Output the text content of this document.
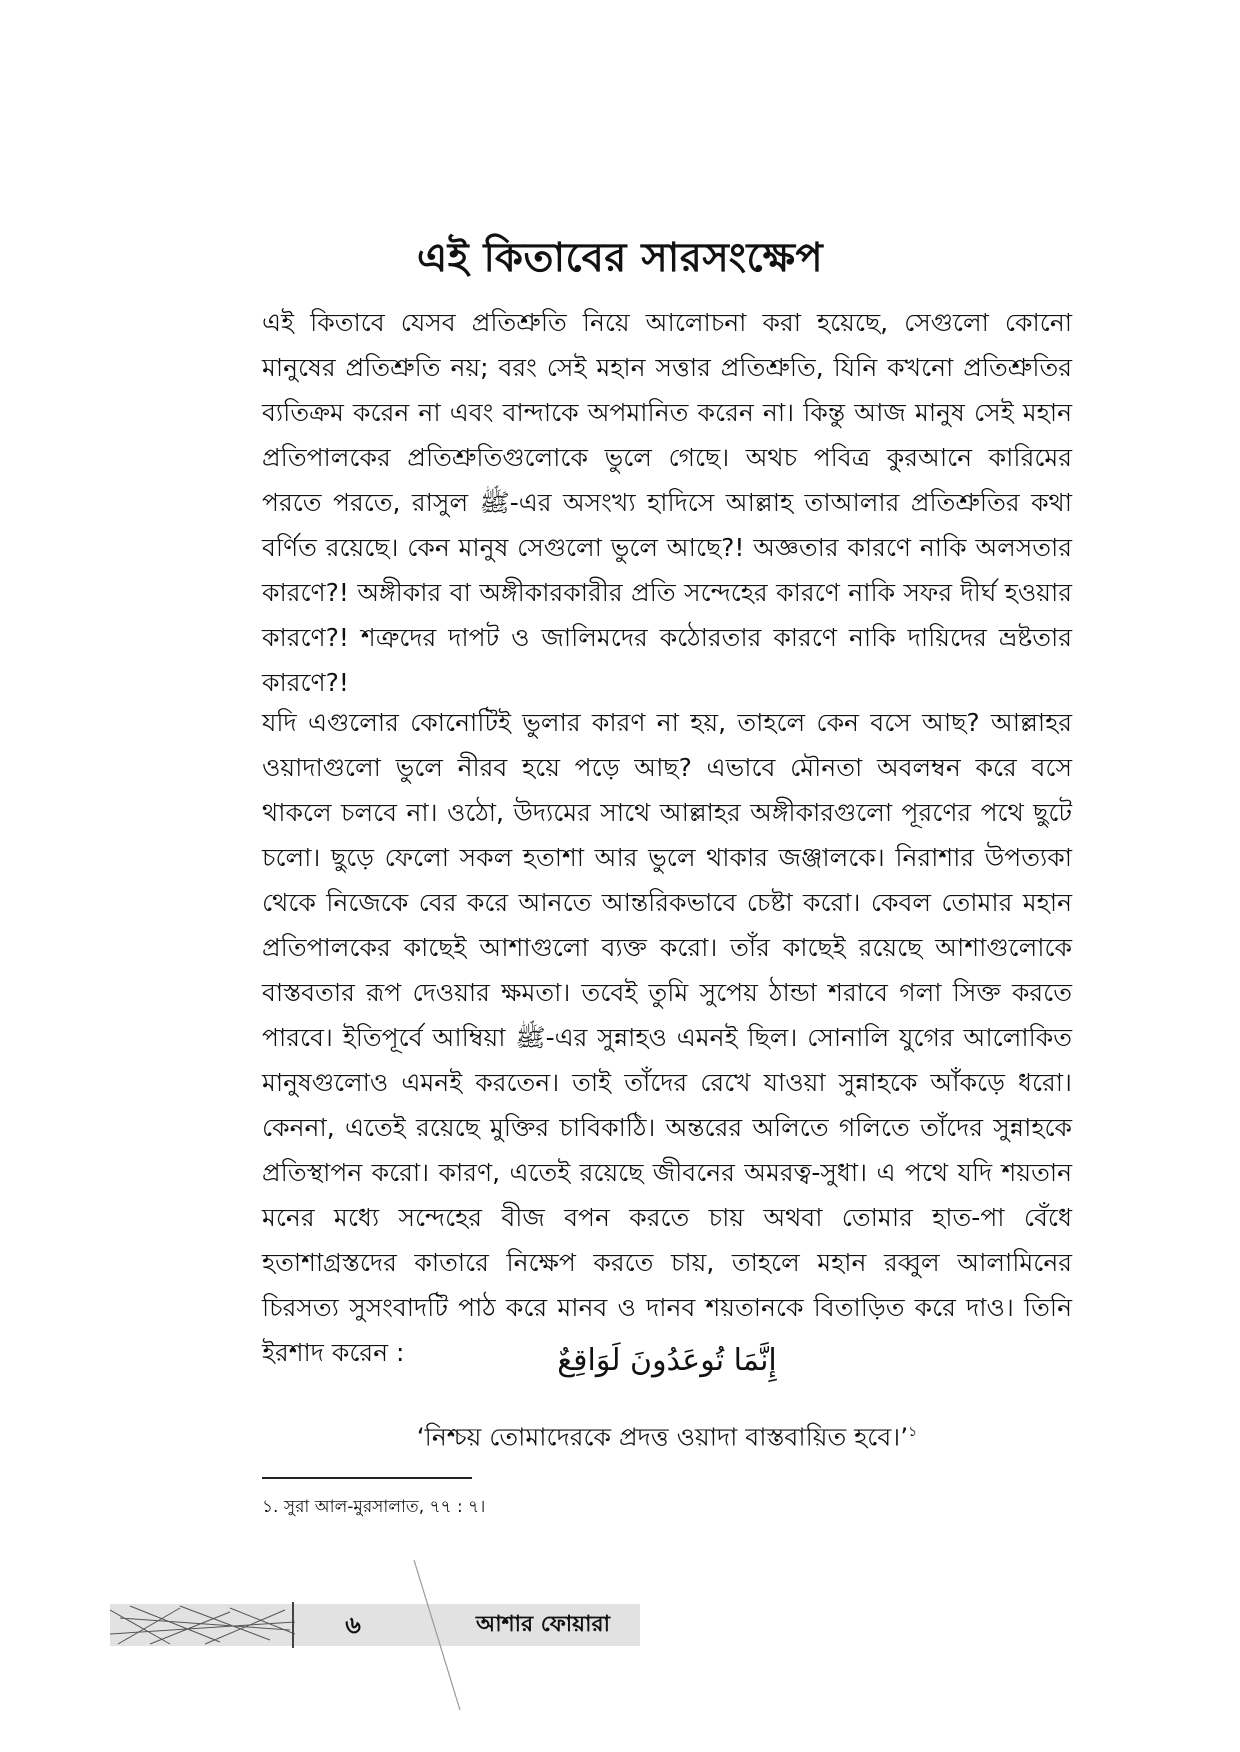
এই কিতাবের সারসংক্ষেপ

এই কিতাবে যেসব প্রতিশ্রুতি নিয়ে আলোচনা করা হয়েছে, সেগুলো কোনো মানুষের প্রতিশ্রুতি নয়; বরং সেই মহান সত্তার প্রতিশ্রুতি, যিনি কখনো প্রতিশ্রুতির ব্যতিক্রম করেন না এবং বান্দাকে অপমানিত করেন না। কিন্তু আজ মানুষ সেই মহান প্রতিপালকের প্রতিশ্রুতিগুলোকে ভুলে গেছে। অথচ পবিত্র কুরআনে কারিমের পরতে পরতে, রাসুল ﷺ-এর অসংখ্য হাদিসে আল্লাহ তাআলার প্রতিশ্রুতির কথা বর্ণিত রয়েছে। কেন মানুষ সেগুলো ভুলে আছে?! অজ্ঞতার কারণে নাকি অলসতার কারণে?! অঙ্গীকার বা অঙ্গীকারকারীর প্রতি সন্দেহের কারণে নাকি সফর দীর্ঘ হওয়ার কারণে?! শত্রুদের দাপট ও জালিমদের কঠোরতার কারণে নাকি দায়িদের ভ্রষ্টতার কারণে?!

যদি এগুলোর কোনোটিই ভুলার কারণ না হয়, তাহলে কেন বসে আছ? আল্লাহর ওয়াদাগুলো ভুলে নীরব হয়ে পড়ে আছ? এভাবে মৌনতা অবলম্বন করে বসে থাকলে চলবে না। ওঠো, উদ্যমের সাথে আল্লাহর অঙ্গীকারগুলো পূরণের পথে ছুটে চলো। ছুড়ে ফেলো সকল হতাশা আর ভুলে থাকার জঞ্জালকে। নিরাশার উপত্যকা থেকে নিজেকে বের করে আনতে আন্তরিকভাবে চেষ্টা করো। কেবল তোমার মহান প্রতিপালকের কাছেই আশাগুলো ব্যক্ত করো। তাঁর কাছেই রয়েছে আশাগুলোকে বাস্তবতার রূপ দেওয়ার ক্ষমতা। তবেই তুমি সুপেয় ঠান্ডা শরাবে গলা সিক্ত করতে পারবে। ইতিপূর্বে আম্বিয়া ﷺ-এর সুন্নাহও এমনই ছিল। সোনালি যুগের আলোকিত মানুষগুলোও এমনই করতেন। তাই তাঁদের রেখে যাওয়া সুন্নাহকে আঁকড়ে ধরো। কেননা, এতেই রয়েছে মুক্তির চাবিকাঠি। অন্তরের অলিতে গলিতে তাঁদের সুন্নাহকে প্রতিস্থাপন করো। কারণ, এতেই রয়েছে জীবনের অমরত্ব-সুধা। এ পথে যদি শয়তান মনের মধ্যে সন্দেহের বীজ বপন করতে চায় অথবা তোমার হাত-পা বেঁধে হতাশাগ্রস্তদের কাতারে নিক্ষেপ করতে চায়, তাহলে মহান রব্বুল আলামিনের চিরসত্য সুসংবাদটি পাঠ করে মানব ও দানব শয়তানকে বিতাড়িত করে দাও। তিনি ইরশাদ করেন :	إِنَّمَا تُوعَدُونَ لَوَاقِعٌ
‘নিশ্চয় তোমাদেরকে প্রদত্ত ওয়াদা বাস্তবায়িত হবে।’$^১$
১. সুরা আল-মুরসালাত, ৭৭ : ৭।
৬	আশার ফোয়ারা
